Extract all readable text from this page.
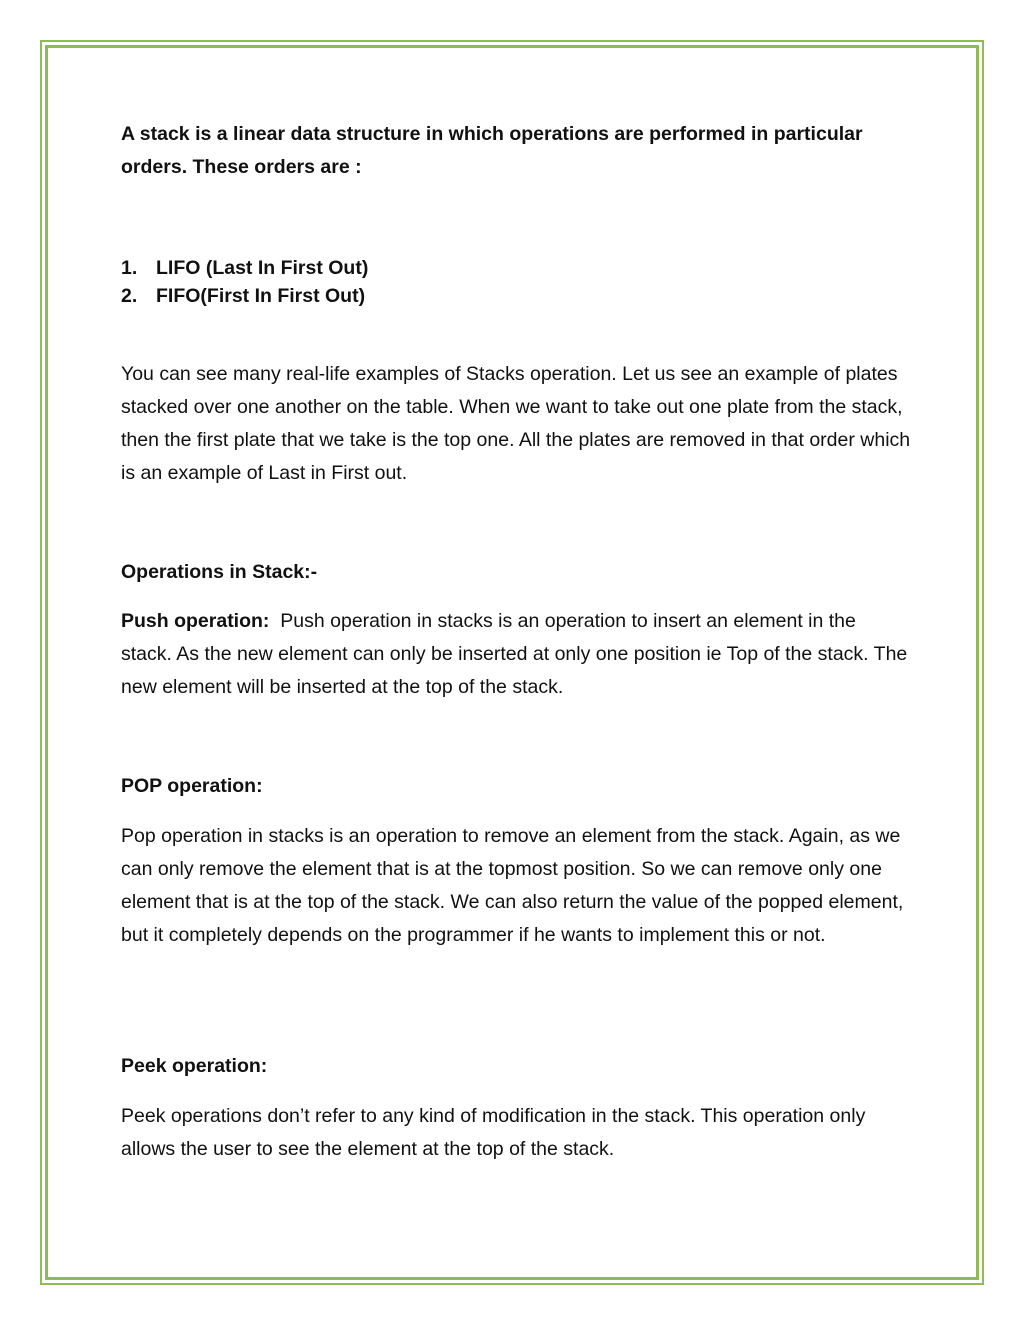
A stack is a linear data structure in which operations are performed in particular orders. These orders are :

1. LIFO (Last In First Out)
2. FIFO(First In First Out)

You can see many real-life examples of Stacks operation. Let us see an example of plates stacked over one another on the table. When we want to take out one plate from the stack, then the first plate that we take is the top one. All the plates are removed in that order which is an example of Last in First out.

Operations in Stack:-

Push operation: Push operation in stacks is an operation to insert an element in the stack. As the new element can only be inserted at only one position ie Top of the stack. The new element will be inserted at the top of the stack.

POP operation:

Pop operation in stacks is an operation to remove an element from the stack. Again, as we can only remove the element that is at the topmost position. So we can remove only one element that is at the top of the stack. We can also return the value of the popped element, but it completely depends on the programmer if he wants to implement this or not.

Peek operation:

Peek operations don’t refer to any kind of modification in the stack. This operation only allows the user to see the element at the top of the stack.
